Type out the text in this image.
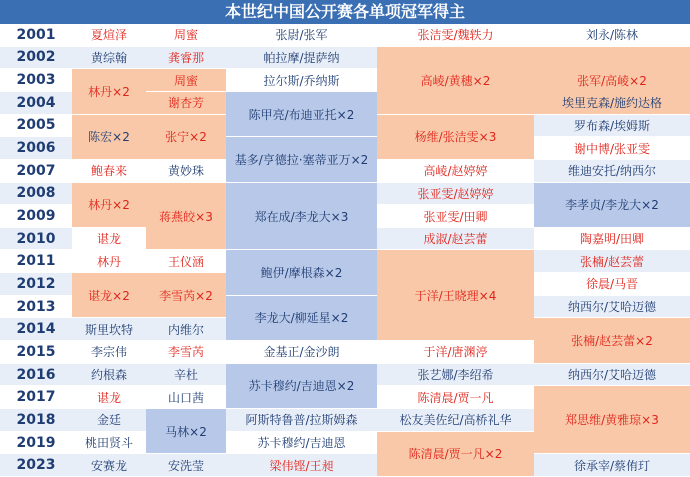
本世纪中国公开赛各单项冠军得主
2001
2002
2003
2004
2005
2006
2007
2008
2009
2010
2011
2012
2013
2014
2015
2016
2017
2018
2019
2023
夏煊泽
黄综翰
林丹×2
陈宏×2
鲍春来
林丹×2
谌龙
林丹
谌龙×2
斯里坎特
李宗伟
约根森
谌龙
金廷
桃田贤斗
安赛龙
周蜜
龚睿那
周蜜
谢杏芳
张宁×2
黄妙珠
蒋燕皎×3
王仪涵
李雪芮×2
内维尔
李雪芮
辛杜
山口茜
马林×2
安洗莹
张尉/张军
帕拉摩/提萨纳
拉尔斯/乔纳斯
陈甲亮/布迪亚托×2
基多/亨德拉·塞蒂亚万×2
郑在成/李龙大×3
鲍伊/摩根森×2
李龙大/柳延星×2
金基正/金沙朗
苏卡穆约/吉迪恩×2
阿斯特鲁普/拉斯姆森
苏卡穆约/吉迪恩
梁伟铿/王昶
张洁雯/魏轶力
高崚/黄穗×2
杨维/张洁雯×3
高崚/赵婷婷
张亚雯/赵婷婷
张亚雯/田卿
成淑/赵芸蕾
于洋/王晓理×4
于洋/唐渊渟
张艺娜/李绍希
陈清晨/贾一凡
松友美佐纪/高桥礼华
陈清晨/贾一凡×2
刘永/陈林
张军/高崚×2
埃里克森/施约达格
罗布森/埃姆斯
谢中博/张亚雯
维迪安托/纳西尔
李孝贞/李龙大×2
陶嘉明/田卿
张楠/赵芸蕾
徐晨/马晋
纳西尔/艾哈迈德
张楠/赵芸蕾×2
纳西尔/艾哈迈德
郑思维/黄雅琼×3
徐承宰/蔡侑玎
